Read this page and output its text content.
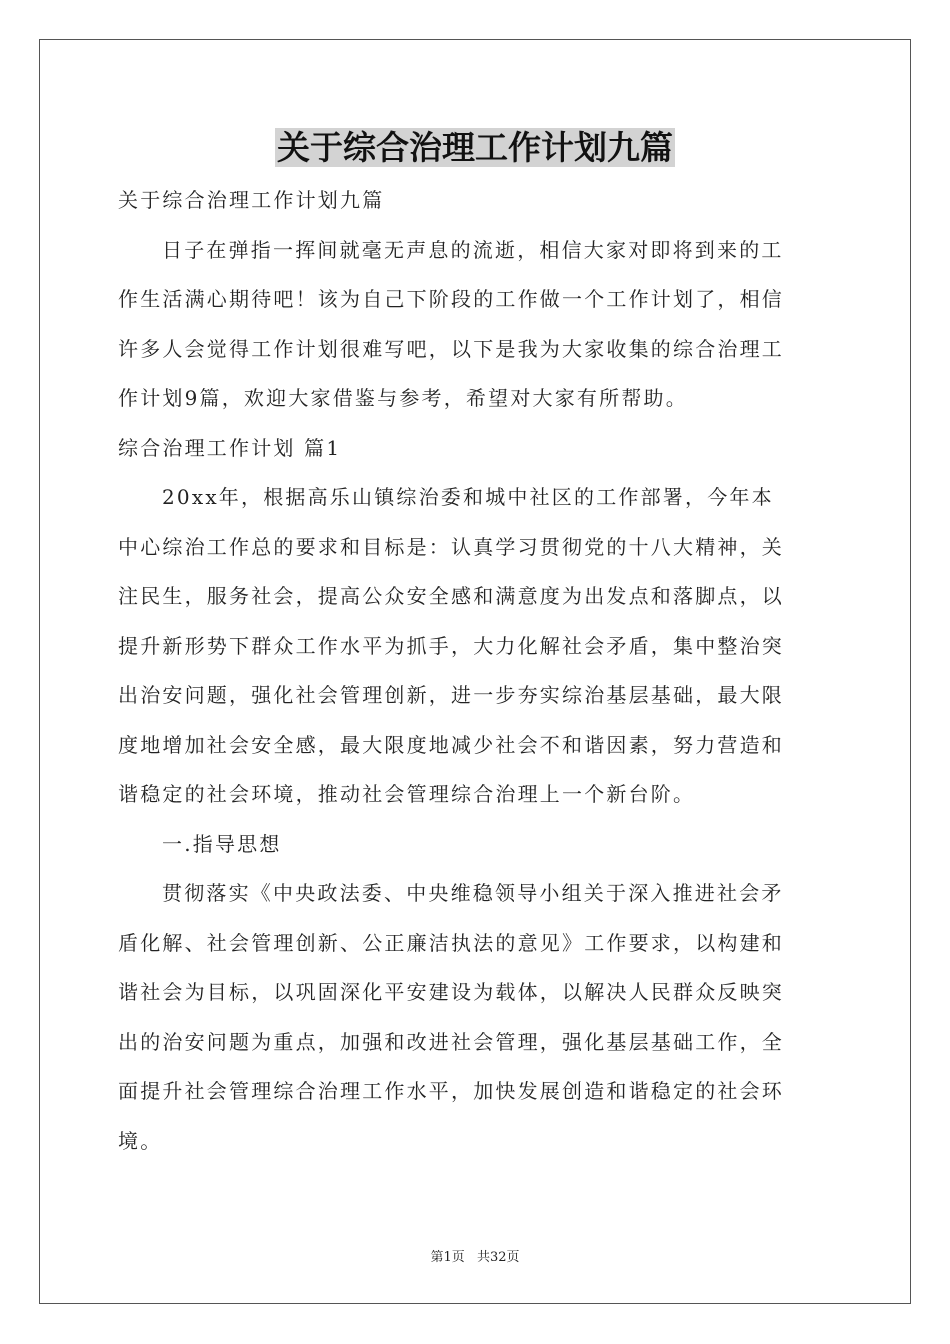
关于综合治理工作计划九篇
关于综合治理工作计划九篇
日子在弹指一挥间就毫无声息的流逝，相信大家对即将到来的工
作生活满心期待吧！该为自己下阶段的工作做一个工作计划了，相信
许多人会觉得工作计划很难写吧，以下是我为大家收集的综合治理工
作计划9篇，欢迎大家借鉴与参考，希望对大家有所帮助。
综合治理工作计划 篇1
20xx年，根据高乐山镇综治委和城中社区的工作部署，今年本
中心综治工作总的要求和目标是：认真学习贯彻党的十八大精神，关
注民生，服务社会，提高公众安全感和满意度为出发点和落脚点，以
提升新形势下群众工作水平为抓手，大力化解社会矛盾，集中整治突
出治安问题，强化社会管理创新，进一步夯实综治基层基础，最大限
度地增加社会安全感，最大限度地减少社会不和谐因素，努力营造和
谐稳定的社会环境，推动社会管理综合治理上一个新台阶。
一.指导思想
贯彻落实《中央政法委、中央维稳领导小组关于深入推进社会矛
盾化解、社会管理创新、公正廉洁执法的意见》工作要求，以构建和
谐社会为目标，以巩固深化平安建设为载体，以解决人民群众反映突
出的治安问题为重点，加强和改进社会管理，强化基层基础工作，全
面提升社会管理综合治理工作水平，加快发展创造和谐稳定的社会环
境。
第1页 共32页
